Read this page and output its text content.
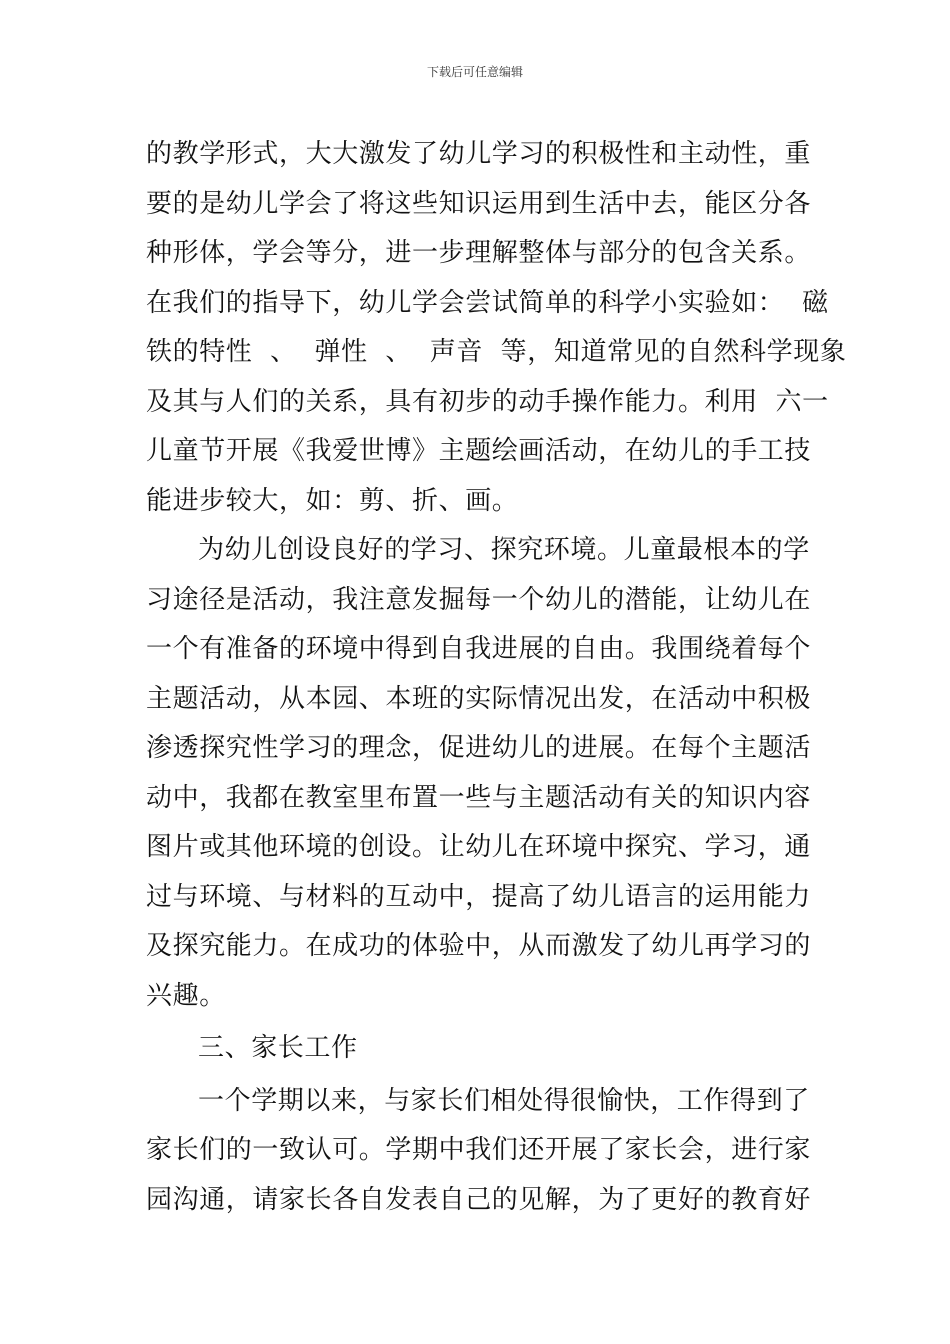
下载后可任意编辑
的教学形式，大大激发了幼儿学习的积极性和主动性，重
要的是幼儿学会了将这些知识运用到生活中去，能区分各
种形体，学会等分，进一步理解整体与部分的包含关系。
在我们的指导下，幼儿学会尝试简单的科学小实验如：  磁
铁的特性  、  弹性  、  声音  等，知道常见的自然科学现象
及其与人们的关系，具有初步的动手操作能力。利用  六一
儿童节开展《我爱世博》主题绘画活动，在幼儿的手工技
能进步较大，如：剪、折、画。
为幼儿创设良好的学习、探究环境。儿童最根本的学
习途径是活动，我注意发掘每一个幼儿的潜能，让幼儿在
一个有准备的环境中得到自我进展的自由。我围绕着每个
主题活动，从本园、本班的实际情况出发，在活动中积极
渗透探究性学习的理念，促进幼儿的进展。在每个主题活
动中，我都在教室里布置一些与主题活动有关的知识内容
图片或其他环境的创设。让幼儿在环境中探究、学习，通
过与环境、与材料的互动中，提高了幼儿语言的运用能力
及探究能力。在成功的体验中，从而激发了幼儿再学习的
兴趣。
三、家长工作
一个学期以来，与家长们相处得很愉快，工作得到了
家长们的一致认可。学期中我们还开展了家长会，进行家
园沟通，请家长各自发表自己的见解，为了更好的教育好
